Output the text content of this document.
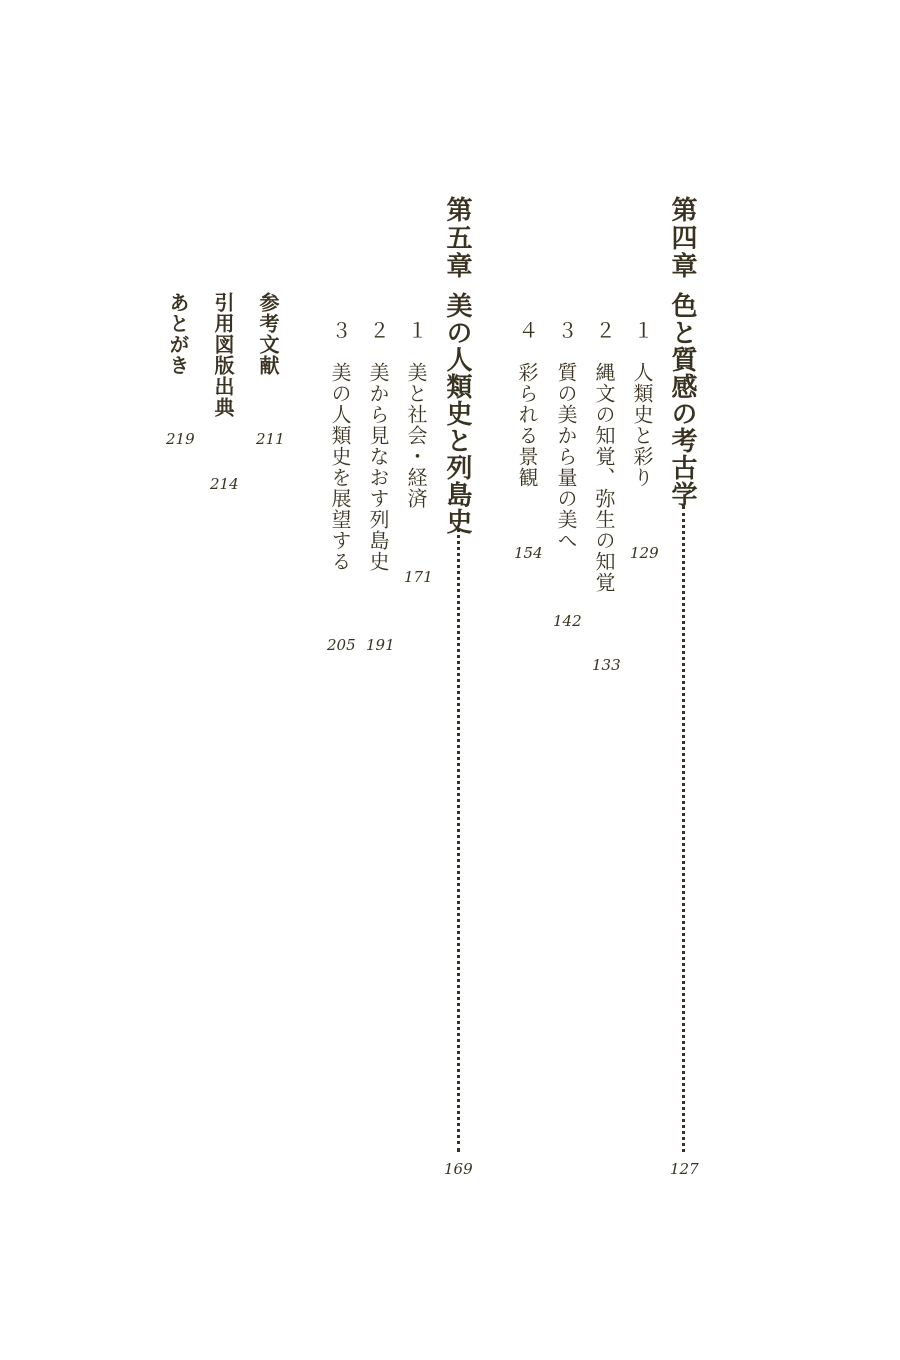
第四章
色と質感の考古学
127
１
人類史と彩り
129
２
縄文の知覚、弥生の知覚
133
３
質の美から量の美へ
142
４
彩られる景観
154
第五章
美の人類史と列島史
169
１
美と社会・経済
171
２
美から見なおす列島史
191
３
美の人類史を展望する
205
参考文献
211
引用図版出典
214
あとがき
219
